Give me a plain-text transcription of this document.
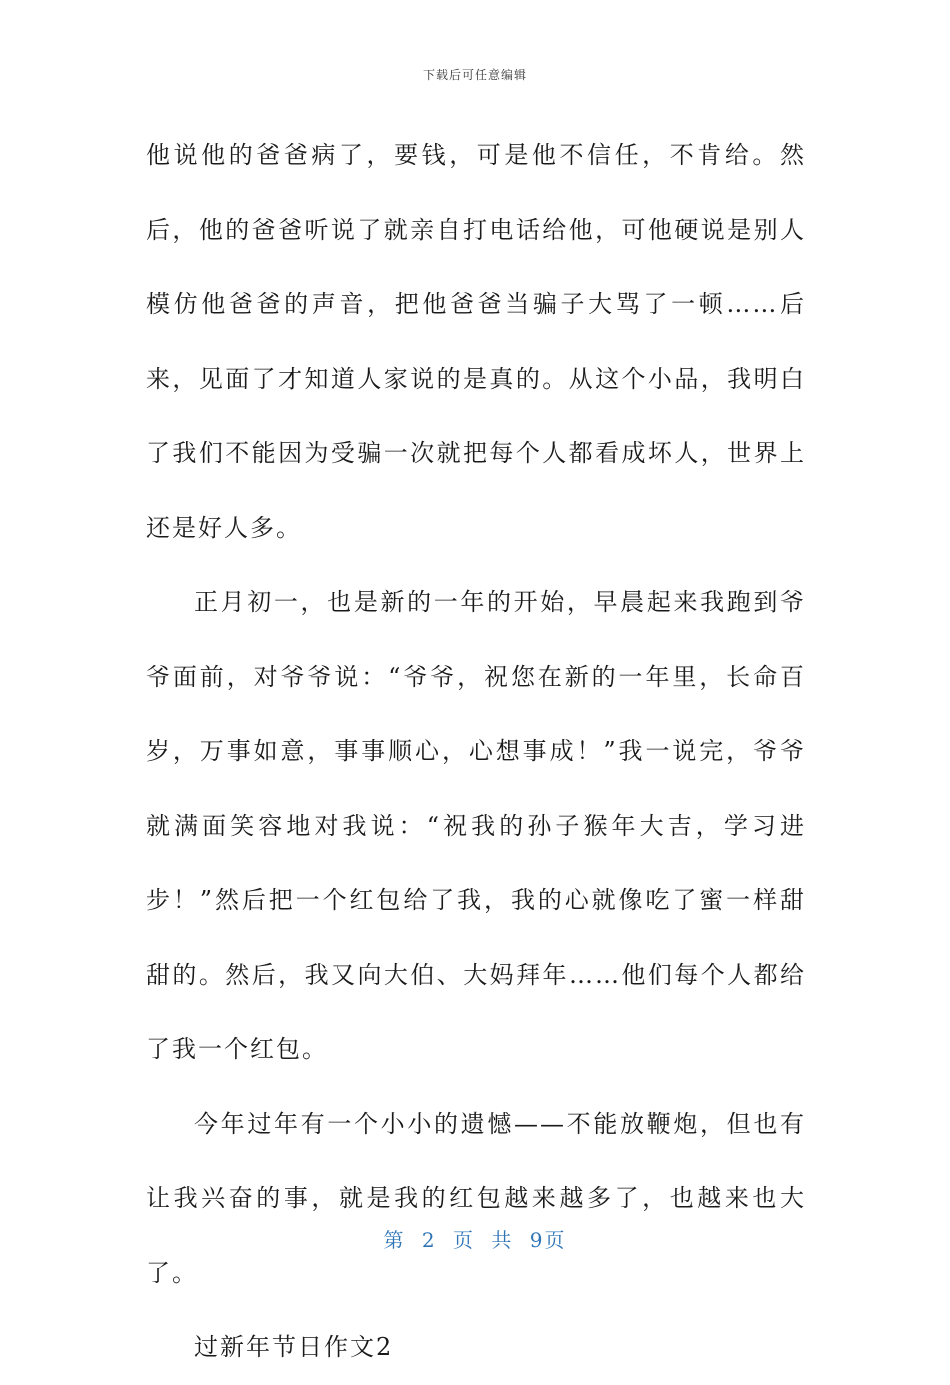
下载后可任意编辑

他说他的爸爸病了，要钱，可是他不信任，不肯给。然后，他的爸爸听说了就亲自打电话给他，可他硬说是别人模仿他爸爸的声音，把他爸爸当骗子大骂了一顿……后来，见面了才知道人家说的是真的。从这个小品，我明白了我们不能因为受骗一次就把每个人都看成坏人，世界上还是好人多。

正月初一，也是新的一年的开始，早晨起来我跑到爷爷面前，对爷爷说：“爷爷，祝您在新的一年里，长命百岁，万事如意，事事顺心，心想事成！”我一说完，爷爷就满面笑容地对我说：“祝我的孙子猴年大吉，学习进步！”然后把一个红包给了我，我的心就像吃了蜜一样甜甜的。然后，我又向大伯、大妈拜年……他们每个人都给了我一个红包。

今年过年有一个小小的遗憾——不能放鞭炮，但也有让我兴奋的事，就是我的红包越来越多了，也越来也大了。

过新年节日作文2

第 2 页 共 9页
